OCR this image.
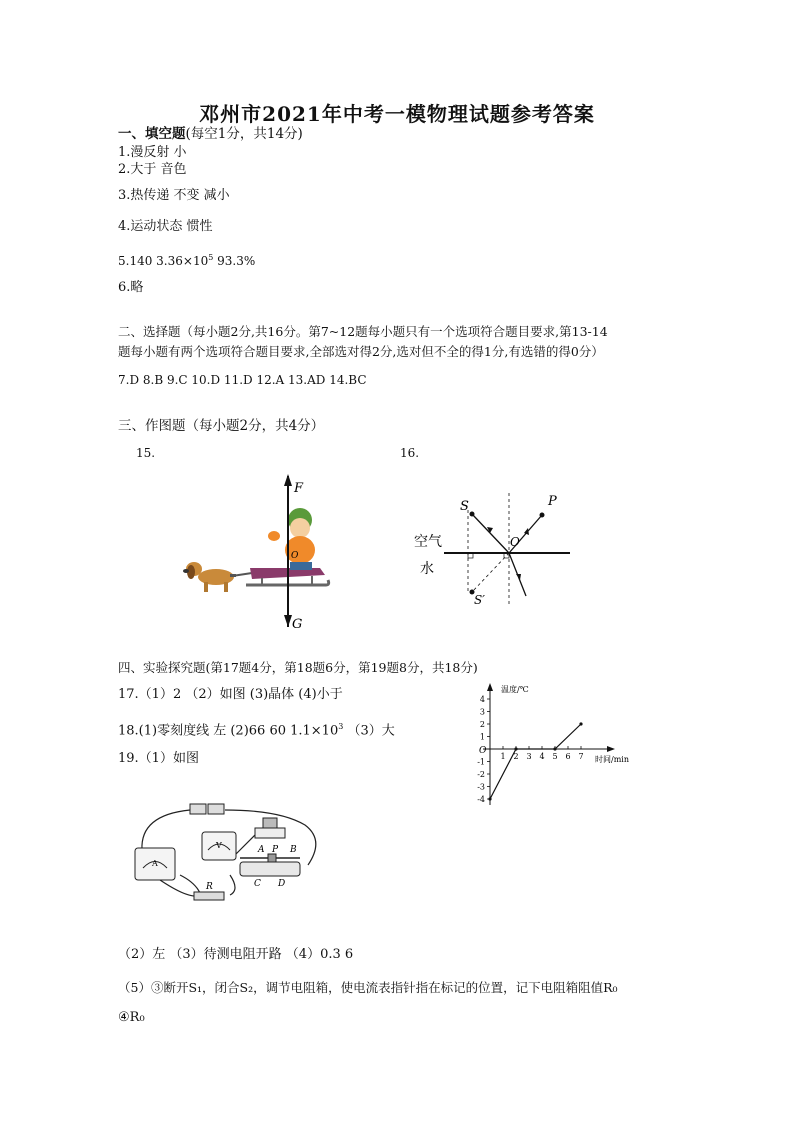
邓州市2021年中考一模物理试题参考答案
一、填空题(每空1分，共14分)
1.漫反射 小
2.大于 音色
3.热传递 不变 减小
4.运动状态 惯性
5.140 $3.36\times 10^5$ 93.3%
6.略
二、选择题（每小题2分,共16分。第7~12题每小题只有一个选项符合题目要求,第13-14
题每小题有两个选项符合题目要求,全部选对得2分,选对但不全的得1分,有选错的得0分）
7.D 8.B 9.C 10.D 11.D 12.A 13.AD 14.BC
三、作图题（每小题2分，共4分）
15.	16.
F
G
O
S	P
O
S′
空气
水
四、实验探究题(第17题4分，第18题6分，第19题8分，共18分)
17.（1）2 （2）如图 (3)晶体 (4)小于
18.(1)零刻度线 左 (2)66 60 $1.1\times 10^3$ （3）大
19.（1）如图
温度/℃
时间/min
O
4
3
2
1
-1
-2
-3
-4
1 2 3 4 5 6 7
A
V
R
A P B
C D
（2）左 （3）待测电阻开路 （4）0.3 6
（5）③断开S₁，闭合S₂，调节电阻箱，使电流表指针指在标记的位置，记下电阻箱阻值R₀
④R₀
